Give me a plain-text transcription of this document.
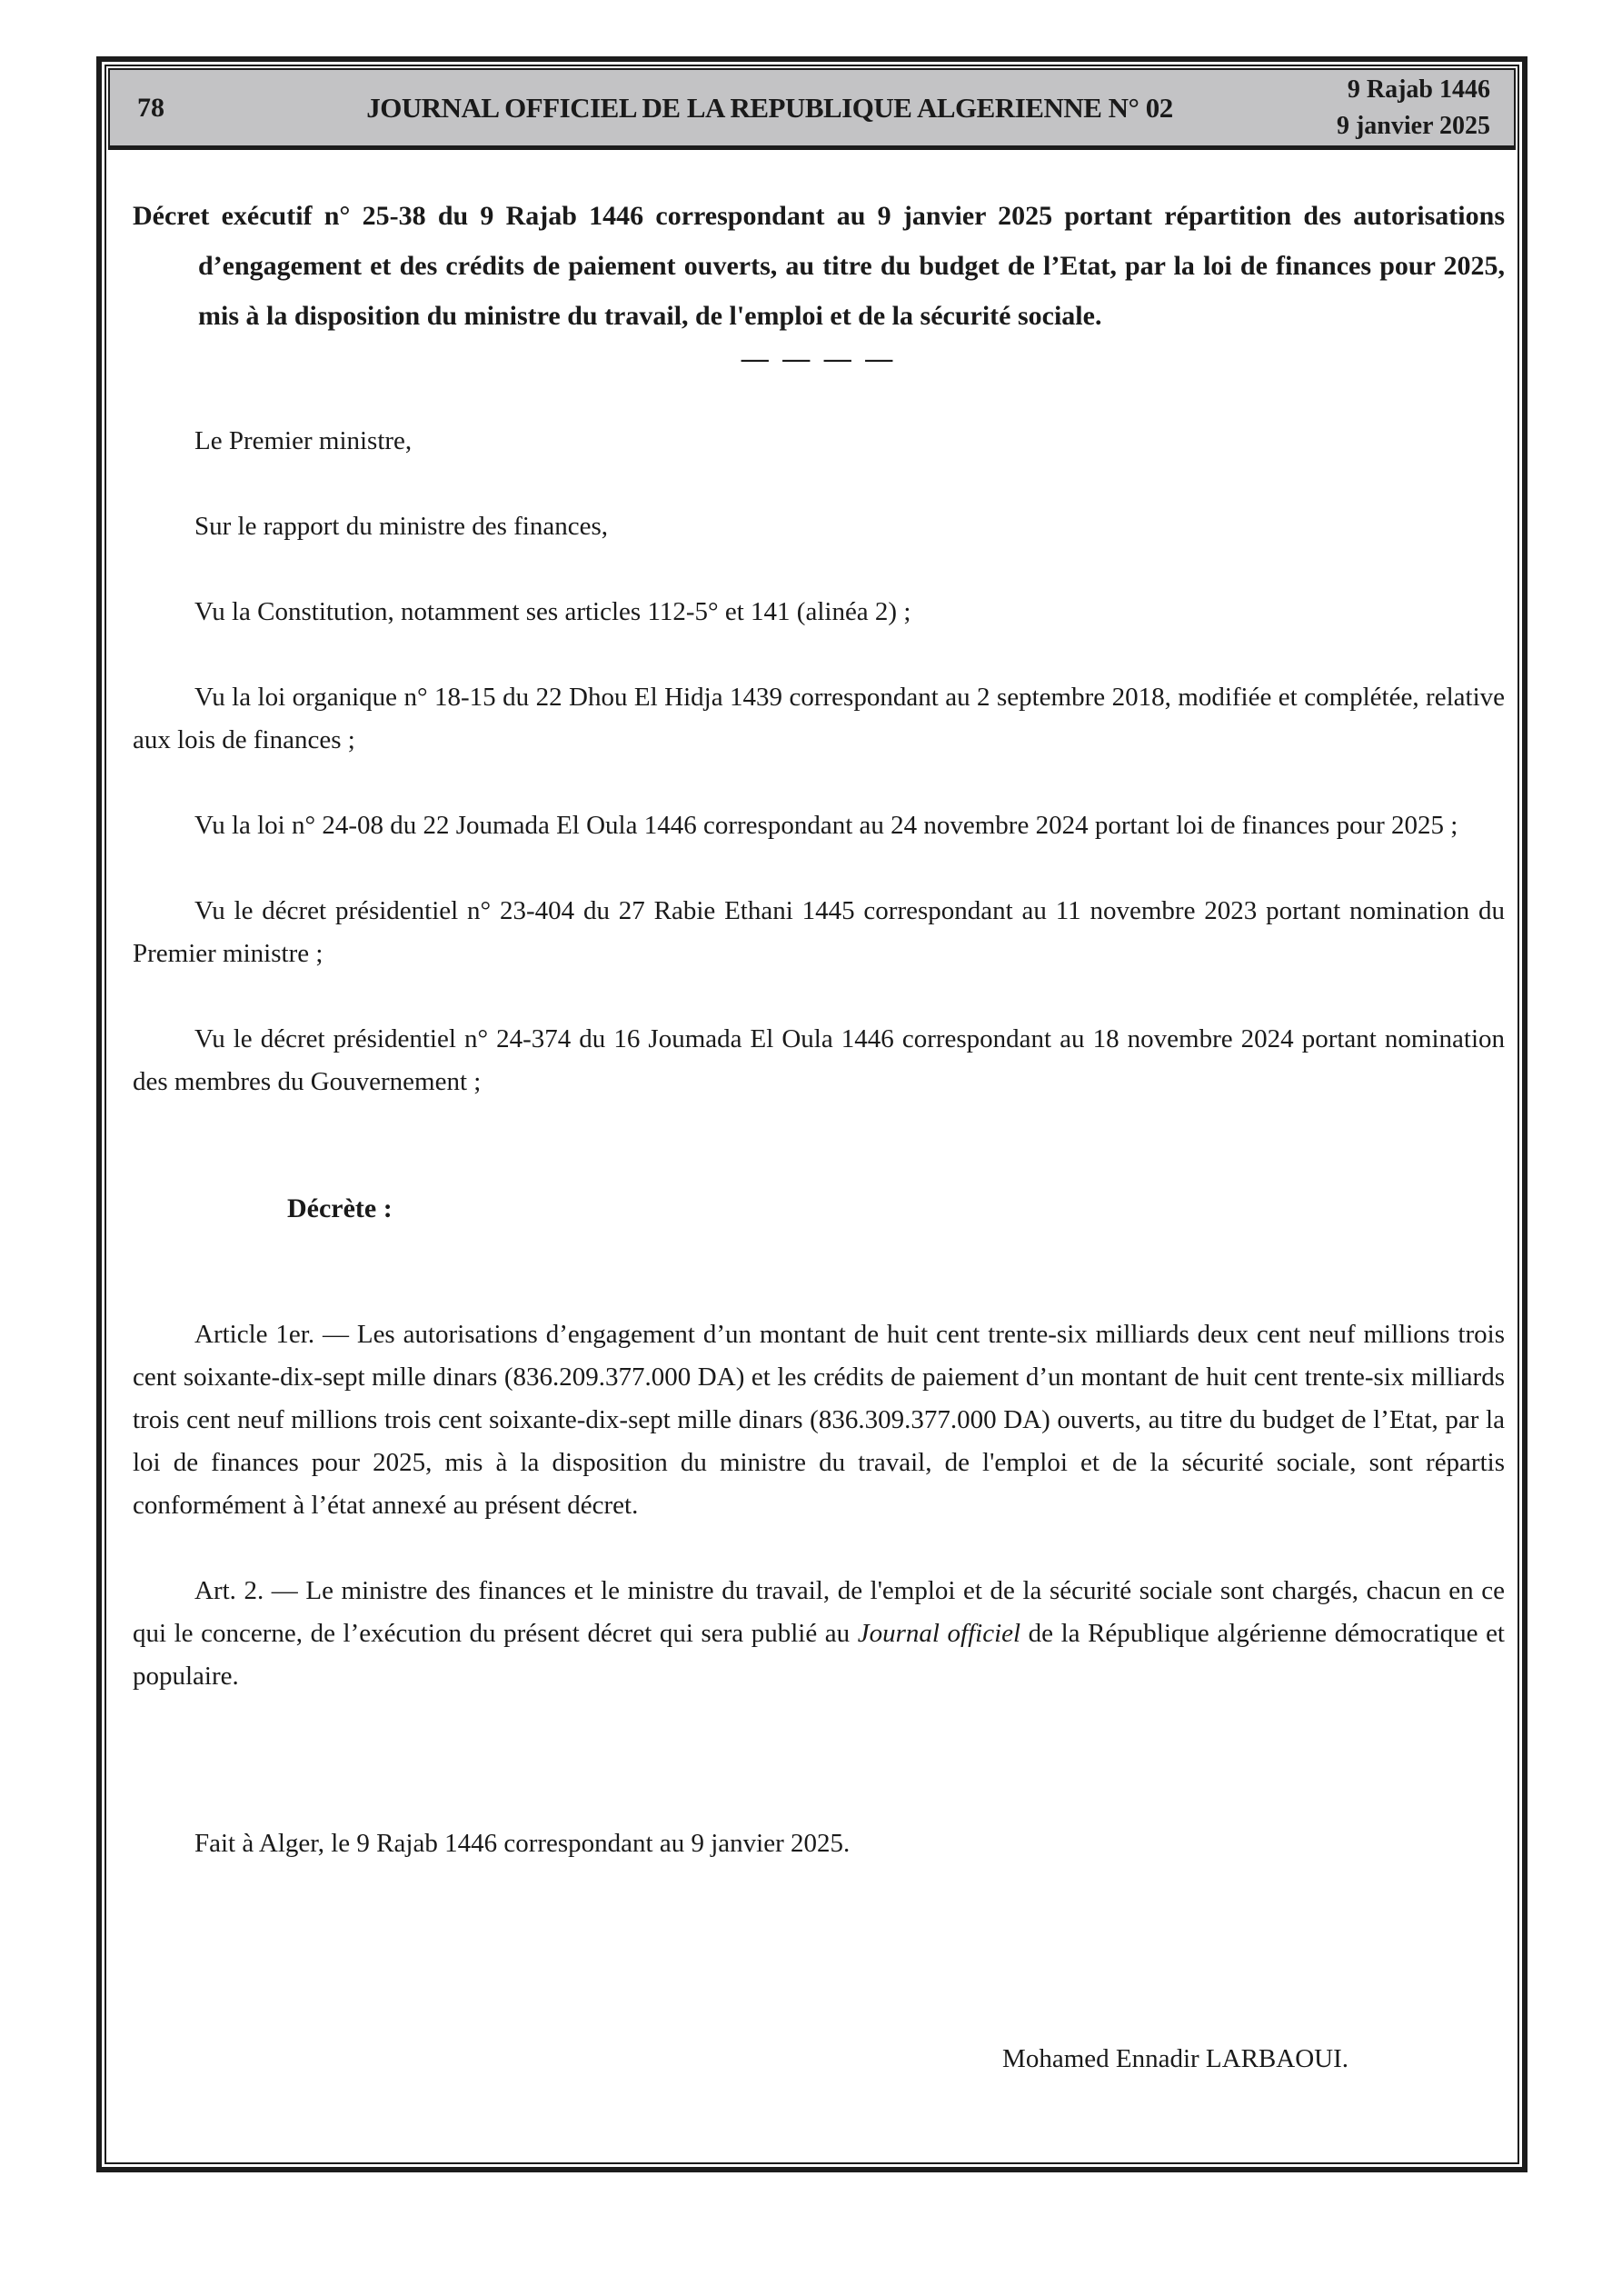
78	JOURNAL OFFICIEL DE LA REPUBLIQUE ALGERIENNE N° 02
9 Rajab 1446
9 janvier 2025

Décret exécutif n° 25-38 du 9 Rajab 1446 correspondant au 9 janvier 2025 portant répartition des autorisations d’engagement et des crédits de paiement ouverts, au titre du budget de l’Etat, par la loi de finances pour 2025, mis à la disposition du ministre du travail, de l'emploi et de la sécurité sociale.

— — — —

Le Premier ministre,

Sur le rapport du ministre des finances,

Vu la Constitution, notamment ses articles 112-5° et 141 (alinéa 2) ;

Vu la loi organique n° 18-15 du 22 Dhou El Hidja 1439 correspondant au 2 septembre 2018, modifiée et complétée, relative aux lois de finances ;

Vu la loi n° 24-08 du 22 Joumada El Oula 1446 correspondant au 24 novembre 2024 portant loi de finances pour 2025 ;

Vu le décret présidentiel n° 23-404 du 27 Rabie Ethani 1445 correspondant au 11 novembre 2023 portant nomination du Premier ministre ;

Vu le décret présidentiel n° 24-374 du 16 Joumada El Oula 1446 correspondant au 18 novembre 2024 portant nomination des membres du Gouvernement ;

Décrète :

Article 1er. — Les autorisations d’engagement d’un montant de huit cent trente-six milliards deux cent neuf millions trois cent soixante-dix-sept mille dinars (836.209.377.000 DA) et les crédits de paiement d’un montant de huit cent trente-six milliards trois cent neuf millions trois cent soixante-dix-sept mille dinars (836.309.377.000 DA) ouverts, au titre du budget de l’Etat, par la loi de finances pour 2025, mis à la disposition du ministre du travail, de l'emploi et de la sécurité sociale, sont répartis conformément à l’état annexé au présent décret.

Art. 2. — Le ministre des finances et le ministre du travail, de l'emploi et de la sécurité sociale sont chargés, chacun en ce qui le concerne, de l’exécution du présent décret qui sera publié au Journal officiel de la République algérienne démocratique et populaire.

Fait à Alger, le 9 Rajab 1446 correspondant au 9 janvier 2025.

Mohamed Ennadir LARBAOUI.
